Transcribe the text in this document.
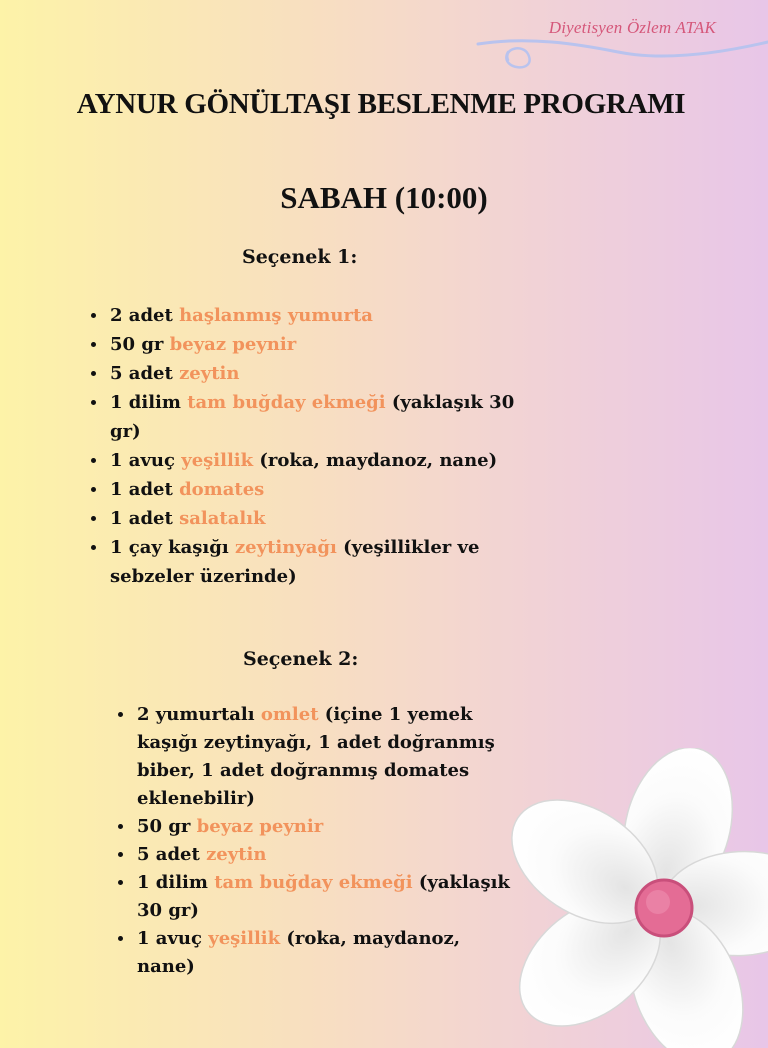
Diyetisyen Özlem ATAK
AYNUR GÖNÜLTAŞI BESLENME PROGRAMI
SABAH (10:00)
Seçenek 1:
• 2 adet haşlanmış yumurta
• 50 gr beyaz peynir
• 5 adet zeytin
• 1 dilim tam buğday ekmeği (yaklaşık 30 gr)
• 1 avuç yeşillik (roka, maydanoz, nane)
• 1 adet domates
• 1 adet salatalık
• 1 çay kaşığı zeytinyağı (yeşillikler ve sebzeler üzerinde)
Seçenek 2:
• 2 yumurtalı omlet (içine 1 yemek kaşığı zeytinyağı, 1 adet doğranmış biber, 1 adet doğranmış domates eklenebilir)
• 50 gr beyaz peynir
• 5 adet zeytin
• 1 dilim tam buğday ekmeği (yaklaşık 30 gr)
• 1 avuç yeşillik (roka, maydanoz, nane)
